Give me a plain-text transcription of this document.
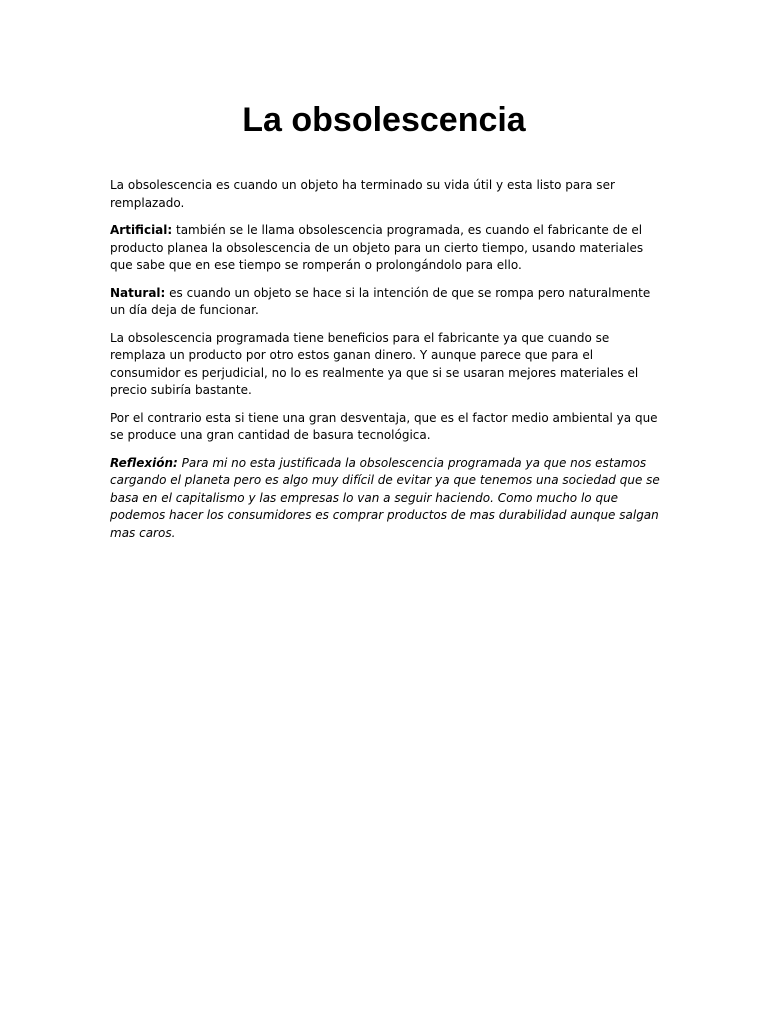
La obsolescencia

La obsolescencia es cuando un objeto ha terminado su vida útil y esta listo para ser remplazado.

Artificial: también se le llama obsolescencia programada, es cuando el fabricante de el producto planea la obsolescencia de un objeto para un cierto tiempo, usando materiales que sabe que en ese tiempo se romperán o prolongándolo para ello.

Natural: es cuando un objeto se hace si la intención de que se rompa pero naturalmente un día deja de funcionar.

La obsolescencia programada tiene beneficios para el fabricante ya que cuando se remplaza un producto por otro estos ganan dinero. Y aunque parece que para el consumidor es perjudicial, no lo es realmente ya que si se usaran mejores materiales el precio subiría bastante.

Por el contrario esta si tiene una gran desventaja, que es el factor medio ambiental ya que se produce una gran cantidad de basura tecnológica.

Reflexión: Para mi no esta justificada la obsolescencia programada ya que nos estamos cargando el planeta pero es algo muy difícil de evitar ya que tenemos una sociedad que se basa en el capitalismo y las empresas lo van a seguir haciendo. Como mucho lo que podemos hacer los consumidores es comprar productos de mas durabilidad aunque salgan mas caros.
